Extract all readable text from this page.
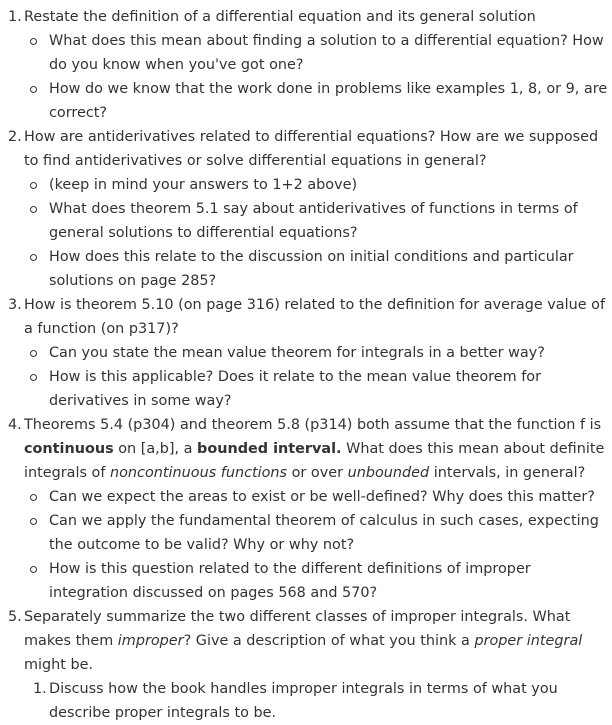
1. Restate the definition of a differential equation and its general solution
What does this mean about finding a solution to a differential equation? How do you know when you've got one?
How do we know that the work done in problems like examples 1, 8, or 9, are correct?
2. How are antiderivatives related to differential equations? How are we supposed to find antiderivatives or solve differential equations in general?
(keep in mind your answers to 1+2 above)
What does theorem 5.1 say about antiderivatives of functions in terms of general solutions to differential equations?
How does this relate to the discussion on initial conditions and particular solutions on page 285?
3. How is theorem 5.10 (on page 316) related to the definition for average value of a function (on p317)?
Can you state the mean value theorem for integrals in a better way?
How is this applicable? Does it relate to the mean value theorem for derivatives in some way?
4. Theorems 5.4 (p304) and theorem 5.8 (p314) both assume that the function f is continuous on [a,b], a bounded interval. What does this mean about definite integrals of noncontinuous functions or over unbounded intervals, in general?
Can we expect the areas to exist or be well-defined? Why does this matter?
Can we apply the fundamental theorem of calculus in such cases, expecting the outcome to be valid? Why or why not?
How is this question related to the different definitions of improper integration discussed on pages 568 and 570?
5. Separately summarize the two different classes of improper integrals. What makes them improper? Give a description of what you think a proper integral might be.
1. Discuss how the book handles improper integrals in terms of what you describe proper integrals to be.
